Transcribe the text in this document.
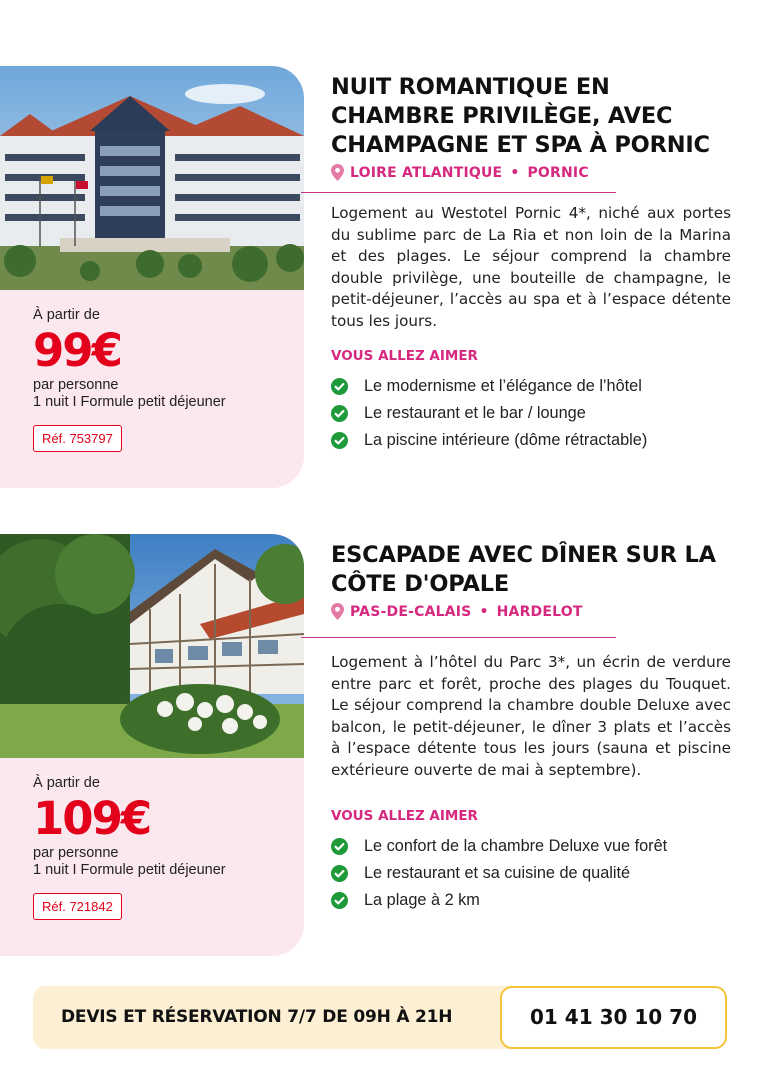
À partir de
99€
par personne
1 nuit I Formule petit déjeuner
Réf. 753797
NUIT ROMANTIQUE EN
CHAMBRE PRIVILÈGE, AVEC
CHAMPAGNE ET SPA À PORNIC
LOIRE ATLANTIQUE • PORNIC

Logement au Westotel Pornic 4*, niché aux portes du sublime parc de La Ria et non loin de la Marina et des plages. Le séjour comprend la chambre double privilège, une bouteille de champagne, le petit-déjeuner, l’accès au spa et à l’espace détente tous les jours.

VOUS ALLEZ AIMER
Le modernisme et l’élégance de l’hôtel
Le restaurant et le bar / lounge
La piscine intérieure (dôme rétractable)
À partir de
109€
par personne
1 nuit I Formule petit déjeuner
Réf. 721842
ESCAPADE AVEC DÎNER SUR LA
CÔTE D'OPALE
PAS-DE-CALAIS • HARDELOT

Logement à l’hôtel du Parc 3*, un écrin de verdure entre parc et forêt, proche des plages du Touquet. Le séjour comprend la chambre double Deluxe avec balcon, le petit-déjeuner, le dîner 3 plats et l’accès à l’espace détente tous les jours (sauna et piscine extérieure ouverte de mai à septembre).

VOUS ALLEZ AIMER
Le confort de la chambre Deluxe vue forêt
Le restaurant et sa cuisine de qualité
La plage à 2 km
DEVIS ET RÉSERVATION 7/7 DE 09H À 21H	01 41 30 10 70
